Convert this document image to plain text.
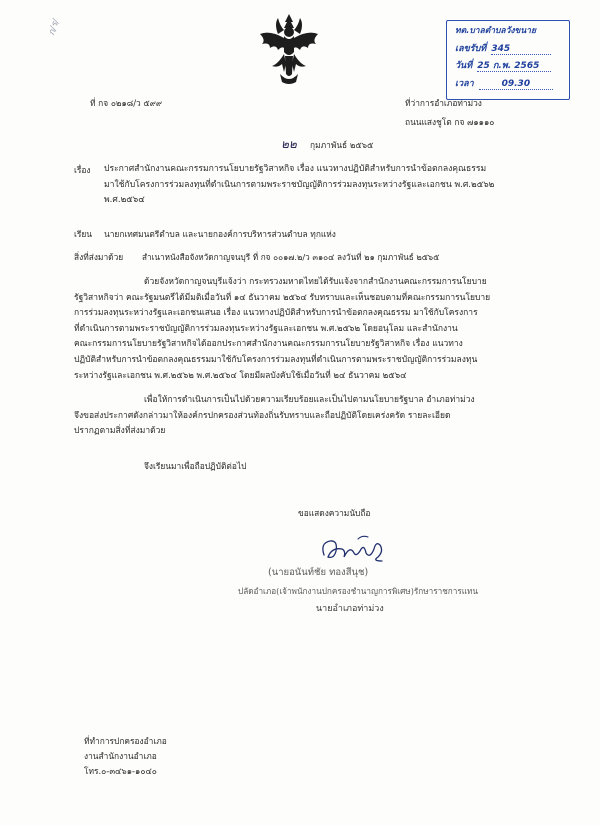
ก/ร/	ทต.บาลตำบลวังขนาย
เลขรับที่ 345
วันที่ 25 ก.พ. 2565
เวลา	09.30
ที่ กจ ๐๒๑๘/ว ๕๙๙	ที่ว่าการอำเภอท่าม่วง
ถนนแสงชูโต กจ ๗๑๑๑๐
๒๒ กุมภาพันธ์ ๒๕๖๕
เรื่อง ประกาศสำนักงานคณะกรรมการนโยบายรัฐวิสาหกิจ เรื่อง แนวทางปฏิบัติสำหรับการนำข้อตกลงคุณธรรม
มาใช้กับโครงการร่วมลงทุนที่ดำเนินการตามพระราชบัญญัติการร่วมลงทุนระหว่างรัฐและเอกชน พ.ศ.๒๕๖๒
พ.ศ.๒๕๖๔
เรียน นายกเทศมนตรีตำบล และนายกองค์การบริหารส่วนตำบล ทุกแห่ง
สิ่งที่ส่งมาด้วย สำเนาหนังสือจังหวัดกาญจนบุรี ที่ กจ ๐๐๑๗.๒/ว ๓๑๐๔ ลงวันที่ ๒๑ กุมภาพันธ์ ๒๕๖๕
ด้วยจังหวัดกาญจนบุรีแจ้งว่า กระทรวงมหาดไทยได้รับแจ้งจากสำนักงานคณะกรรมการนโยบาย
รัฐวิสาหกิจว่า คณะรัฐมนตรีได้มีมติเมื่อวันที่ ๑๔ ธันวาคม ๒๕๖๔ รับทราบและเห็นชอบตามที่คณะกรรมการนโยบาย
การร่วมลงทุนระหว่างรัฐและเอกชนเสนอ เรื่อง แนวทางปฏิบัติสำหรับการนำข้อตกลงคุณธรรม มาใช้กับโครงการ
ที่ดำเนินการตามพระราชบัญญัติการร่วมลงทุนระหว่างรัฐและเอกชน พ.ศ.๒๕๖๒ โดยอนุโลม และสำนักงาน
คณะกรรมการนโยบายรัฐวิสาหกิจได้ออกประกาศสำนักงานคณะกรรมการนโยบายรัฐวิสาหกิจ เรื่อง แนวทาง
ปฏิบัติสำหรับการนำข้อตกลงคุณธรรมมาใช้กับโครงการร่วมลงทุนที่ดำเนินการตามพระราชบัญญัติการร่วมลงทุน
ระหว่างรัฐและเอกชน พ.ศ.๒๕๖๒ พ.ศ.๒๕๖๔ โดยมีผลบังคับใช้เมื่อวันที่ ๒๔ ธันวาคม ๒๕๖๔
เพื่อให้การดำเนินการเป็นไปด้วยความเรียบร้อยและเป็นไปตามนโยบายรัฐบาล อำเภอท่าม่วง
จึงขอส่งประกาศดังกล่าวมาให้องค์กรปกครองส่วนท้องถิ่นรับทราบและถือปฏิบัติโดยเคร่งครัด รายละเอียด
ปรากฏตามสิ่งที่ส่งมาด้วย
จึงเรียนมาเพื่อถือปฏิบัติต่อไป
ขอแสดงความนับถือ
(นายอนันท์ชัย ทองสีนุช)
ปลัดอำเภอ(เจ้าพนักงานปกครองชำนาญการพิเศษ)รักษาราชการแทน
นายอำเภอท่าม่วง
ที่ทำการปกครองอำเภอ
งานสำนักงานอำเภอ
โทร.๐-๓๔๖๑-๑๐๔๐
